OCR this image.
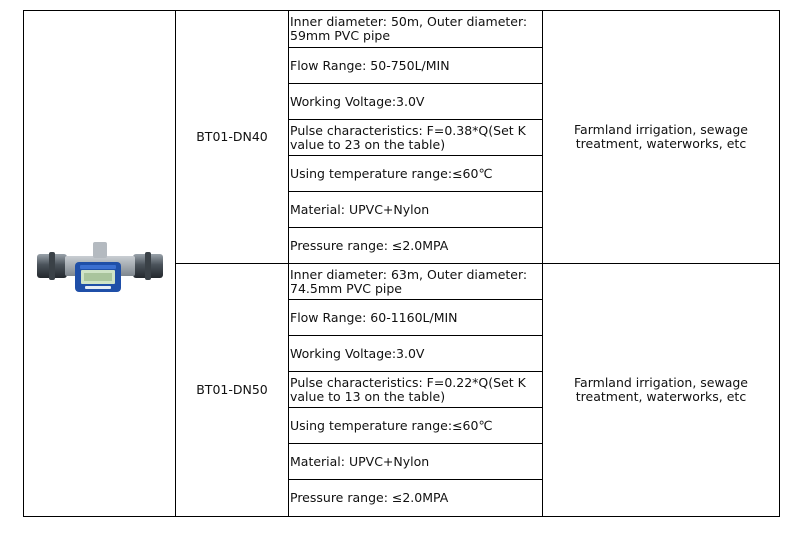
	BT01-DN40	Inner diameter: 50m, Outer diameter: 59mm PVC pipe	Farmland irrigation, sewage treatment, waterworks, etc
		Flow Range: 50-750L/MIN	
		Working Voltage:3.0V	
		Pulse characteristics: F=0.38*Q(Set K value to 23 on the table)	
		Using temperature range:≤60℃	
		Material: UPVC+Nylon	
		Pressure range: ≤2.0MPA	
	BT01-DN50	Inner diameter: 63m, Outer diameter: 74.5mm PVC pipe	Farmland irrigation, sewage treatment, waterworks, etc
		Flow Range: 60-1160L/MIN	
		Working Voltage:3.0V	
		Pulse characteristics: F=0.22*Q(Set K value to 13 on the table)	
		Using temperature range:≤60℃	
		Material: UPVC+Nylon	
		Pressure range: ≤2.0MPA	
